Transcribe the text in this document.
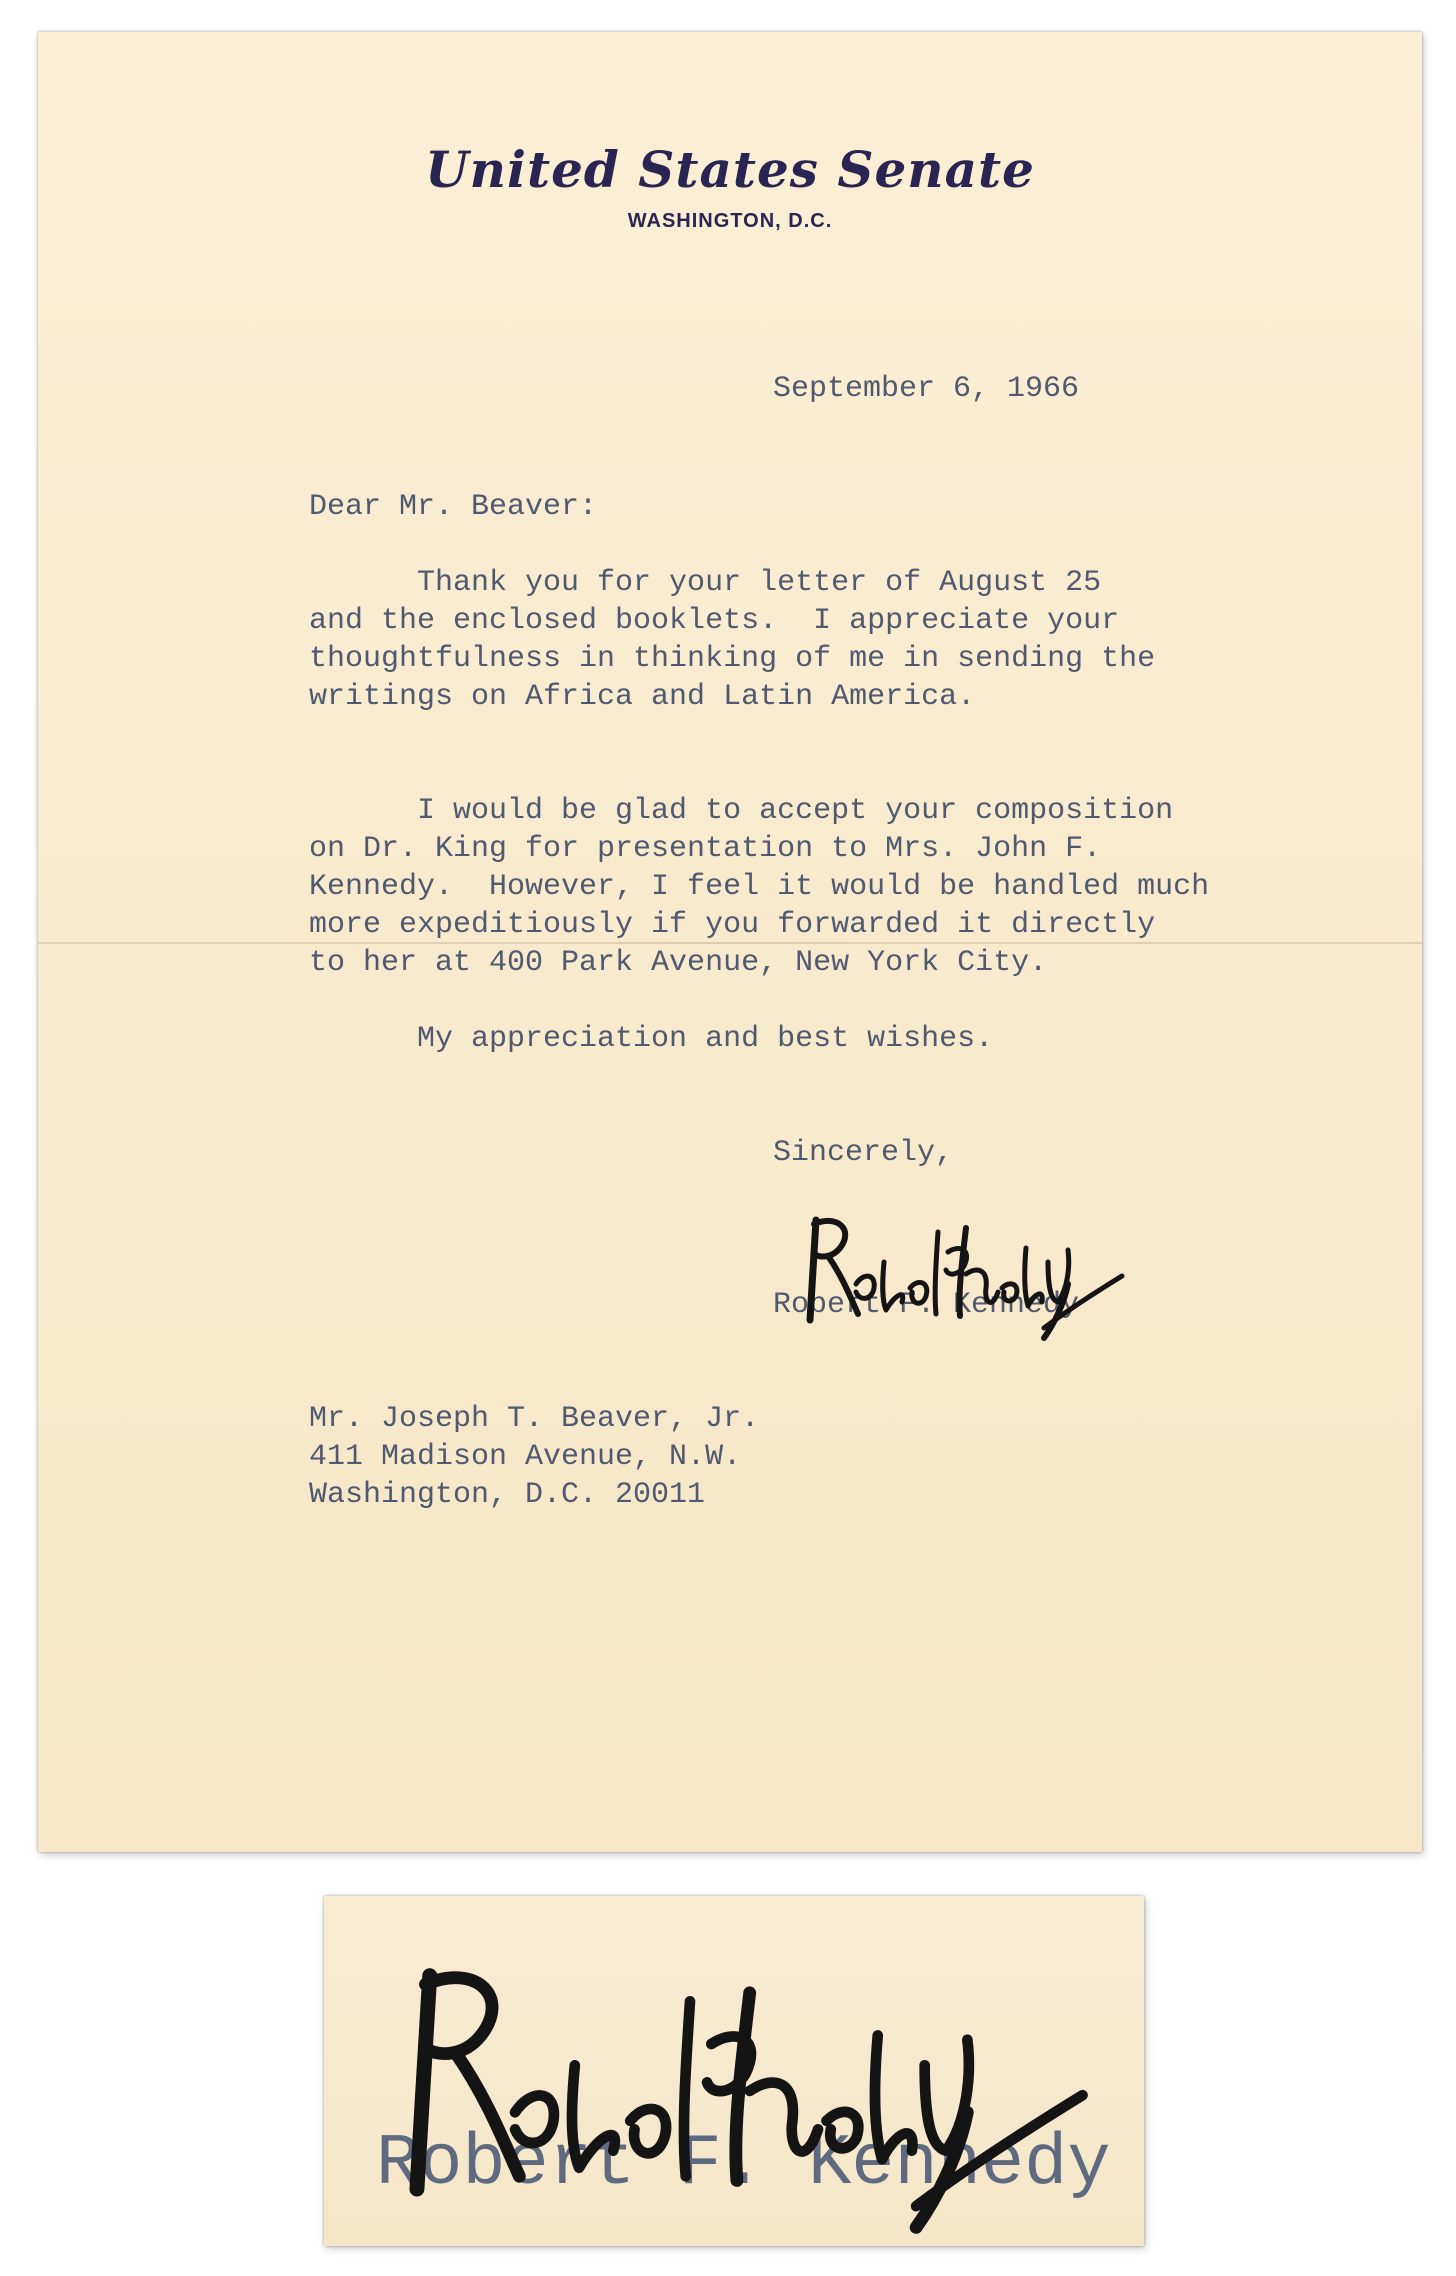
United States Senate
WASHINGTON, D.C.
September 6, 1966
Dear Mr. Beaver:
Thank you for your letter of August 25
and the enclosed booklets.  I appreciate your
thoughtfulness in thinking of me in sending the
writings on Africa and Latin America.
I would be glad to accept your composition
on Dr. King for presentation to Mrs. John F.
Kennedy.  However, I feel it would be handled much
more expeditiously if you forwarded it directly
to her at 400 Park Avenue, New York City.
My appreciation and best wishes.
Sincerely,
Robert F. Kennedy
Mr. Joseph T. Beaver, Jr.
411 Madison Avenue, N.W.
Washington, D.C. 20011
Robert F. Kennedy
